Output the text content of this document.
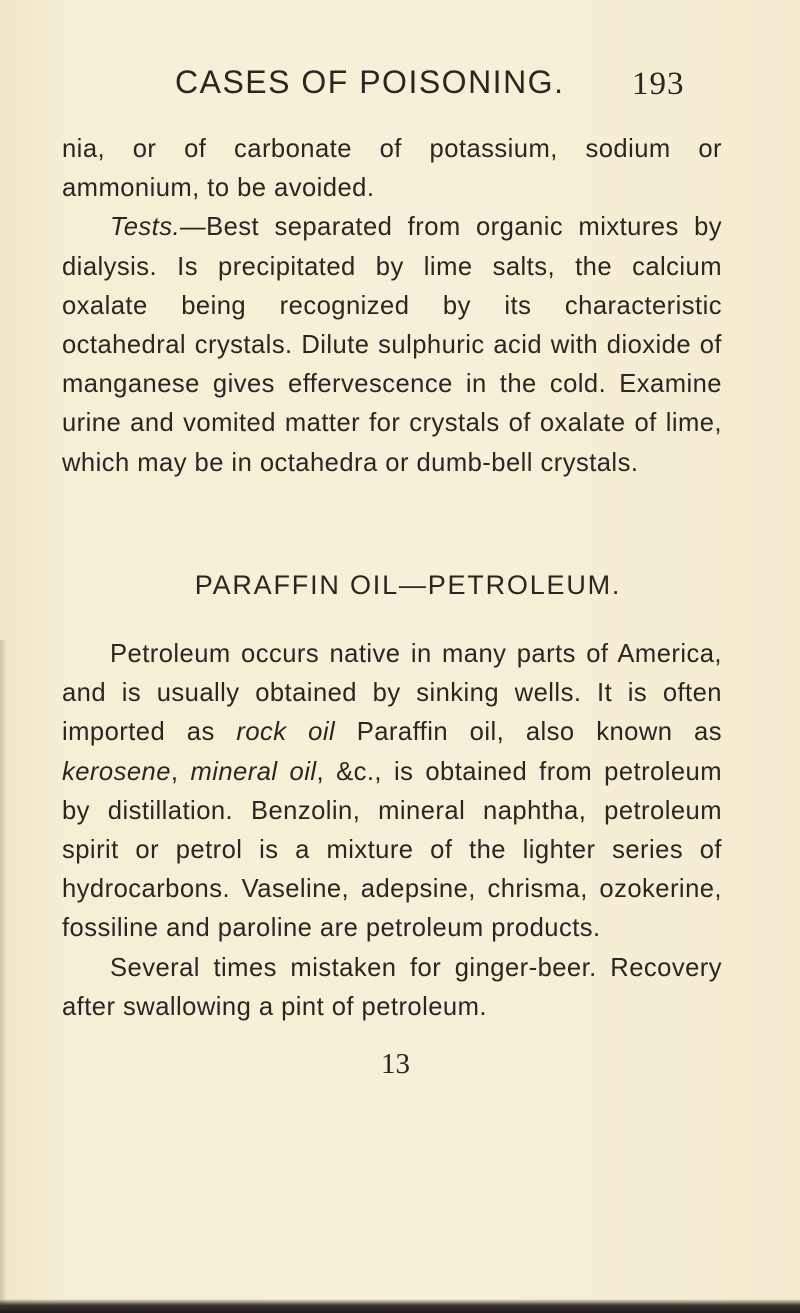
CASES OF POISONING. 193

nia, or of carbonate of potassium, sodium or ammonium, to be avoided.

Tests.—Best separated from organic mixtures by dialysis. Is precipitated by lime salts, the calcium oxalate being recognized by its characteristic octahedral crystals. Dilute sulphuric acid with dioxide of manganese gives effervescence in the cold. Examine urine and vomited matter for crystals of oxalate of lime, which may be in octahedra or dumb-bell crystals.

PARAFFIN OIL—PETROLEUM.

Petroleum occurs native in many parts of America, and is usually obtained by sinking wells. It is often imported as rock oil Paraffin oil, also known as kerosene, mineral oil, &c., is obtained from petroleum by distillation. Benzolin, mineral naphtha, petroleum spirit or petrol is a mixture of the lighter series of hydrocarbons. Vaseline, adepsine, chrisma, ozokerine, fossiline and paroline are petroleum products.

Several times mistaken for ginger-beer. Recovery after swallowing a pint of petroleum.

13
